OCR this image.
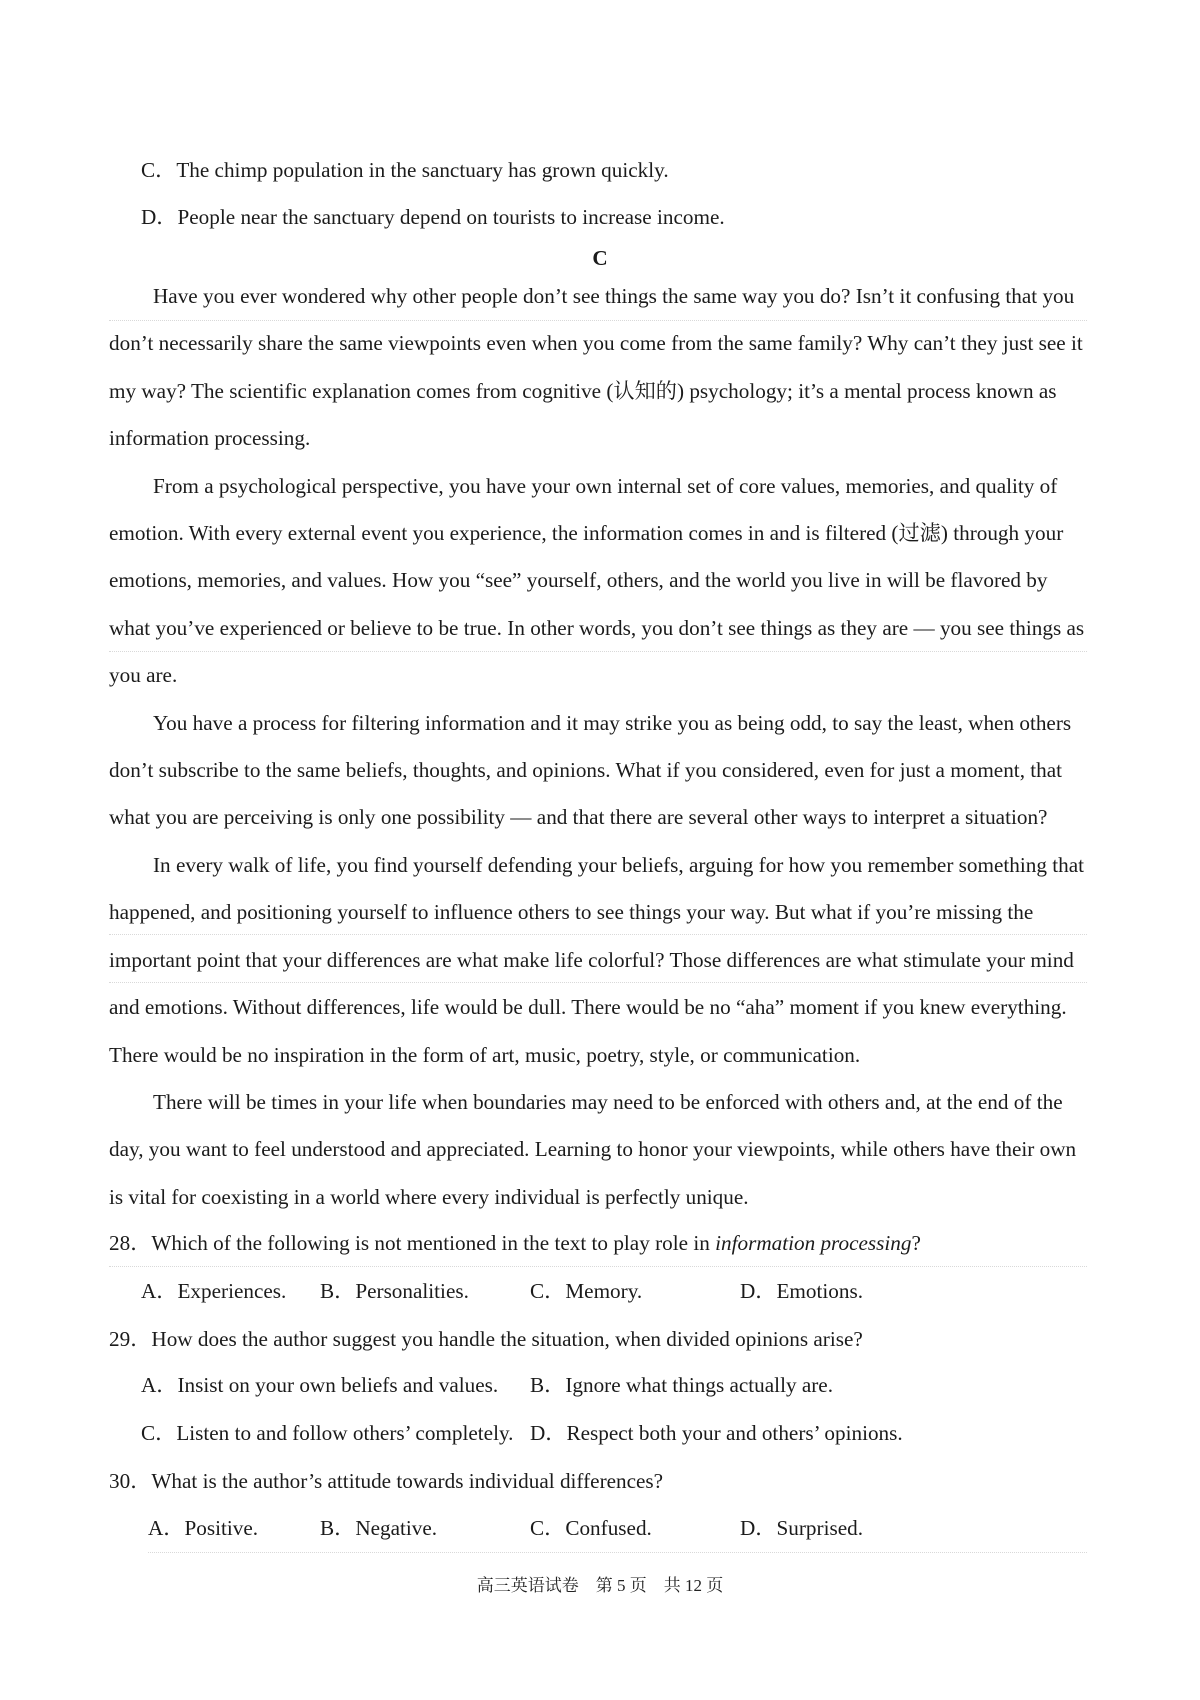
C．The chimp population in the sanctuary has grown quickly.
D．People near the sanctuary depend on tourists to increase income.
C
Have you ever wondered why other people don’t see things the same way you do? Isn’t it confusing that you
don’t necessarily share the same viewpoints even when you come from the same family? Why can’t they just see it
my way? The scientific explanation comes from cognitive (认知的) psychology; it’s a mental process known as
information processing.
From a psychological perspective, you have your own internal set of core values, memories, and quality of
emotion. With every external event you experience, the information comes in and is filtered (过滤) through your
emotions, memories, and values. How you “see” yourself, others, and the world you live in will be flavored by
what you’ve experienced or believe to be true. In other words, you don’t see things as they are — you see things as
you are.
You have a process for filtering information and it may strike you as being odd, to say the least, when others
don’t subscribe to the same beliefs, thoughts, and opinions. What if you considered, even for just a moment, that
what you are perceiving is only one possibility — and that there are several other ways to interpret a situation?
In every walk of life, you find yourself defending your beliefs, arguing for how you remember something that
happened, and positioning yourself to influence others to see things your way. But what if you’re missing the
important point that your differences are what make life colorful? Those differences are what stimulate your mind
and emotions. Without differences, life would be dull. There would be no “aha” moment if you knew everything.
There would be no inspiration in the form of art, music, poetry, style, or communication.
There will be times in your life when boundaries may need to be enforced with others and, at the end of the
day, you want to feel understood and appreciated. Learning to honor your viewpoints, while others have their own
is vital for coexisting in a world where every individual is perfectly unique.
28．Which of the following is not mentioned in the text to play role in information processing?
A．Experiences. B．Personalities.	C．Memory.	D．Emotions.
29．How does the author suggest you handle the situation, when divided opinions arise?
A．Insist on your own beliefs and values. B．Ignore what things actually are.
C．Listen to and follow others’ completely. D．Respect both your and others’ opinions.
30．What is the author’s attitude towards individual differences?
A．Positive.	B．Negative.	C．Confused.	D．Surprised.
高三英语试卷    第 5 页    共 12 页
